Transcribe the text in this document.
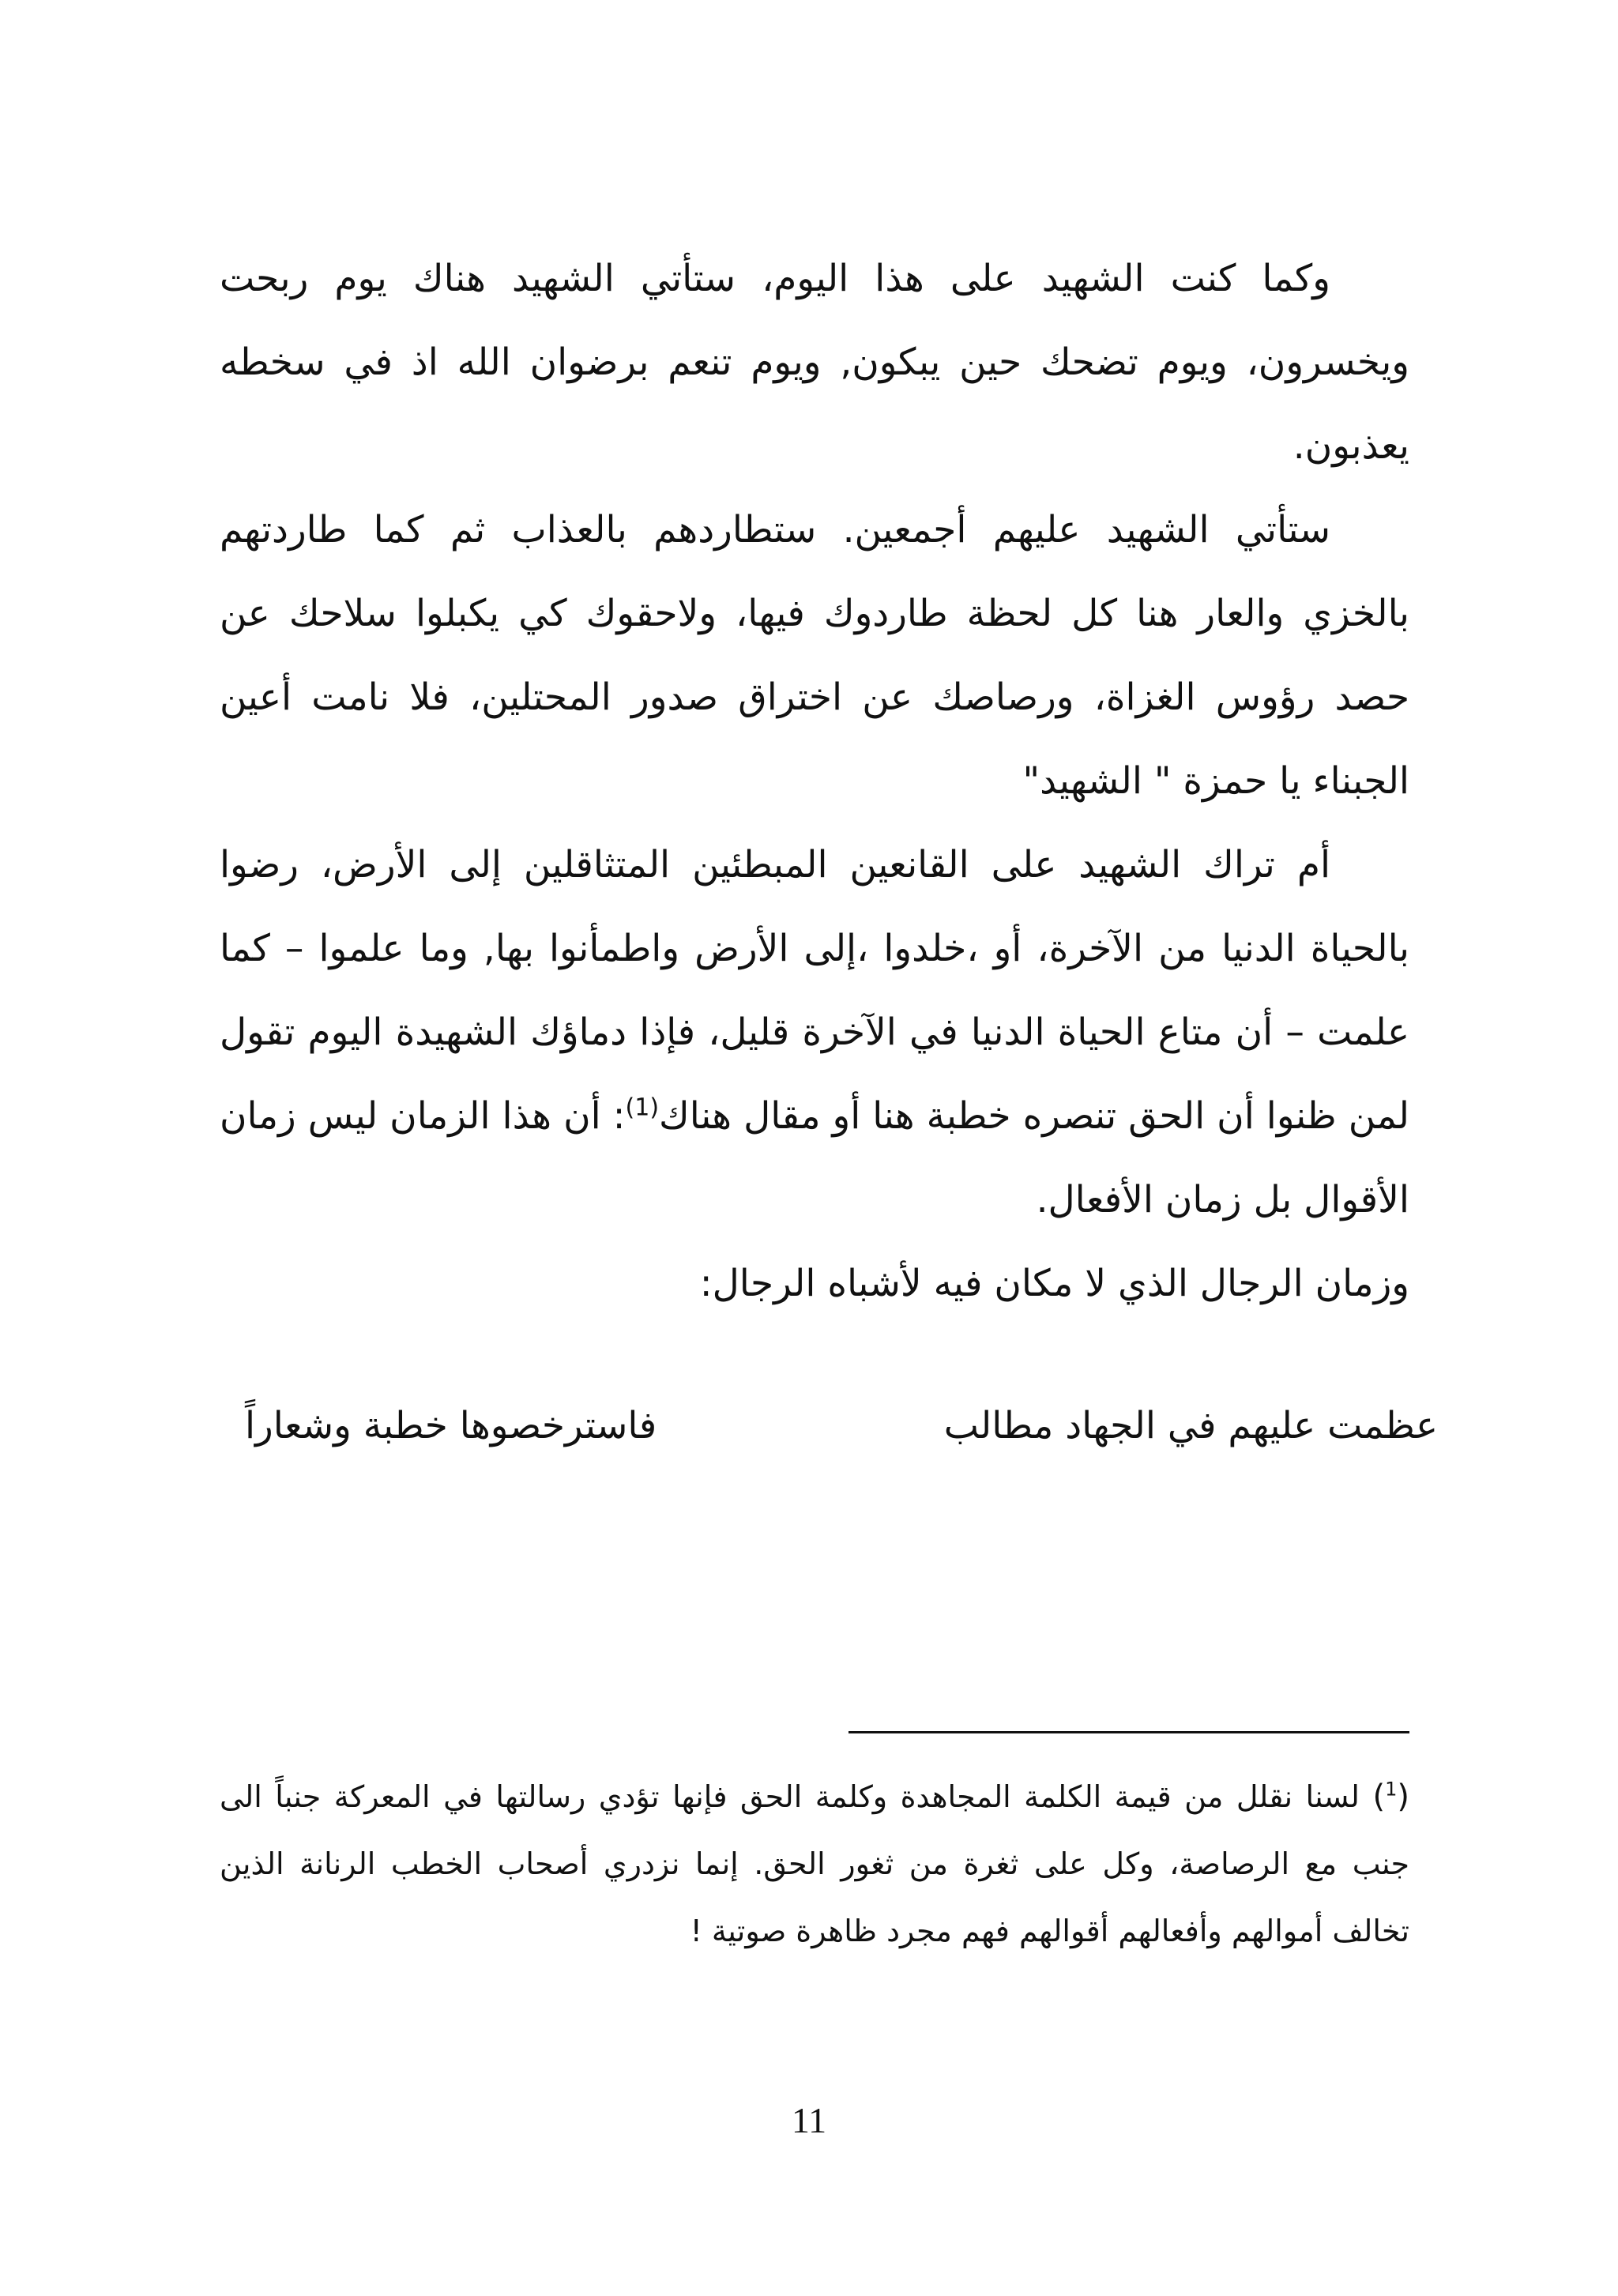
وكما كنت الشهيد على هذا اليوم، ستأتي الشهيد هناك يوم ربحت ويخسرون، ويوم تضحك حين يبكون, ويوم تنعم برضوان الله اذ في سخطه يعذبون.

ستأتي الشهيد عليهم أجمعين. ستطاردهم بالعذاب ثم كما طاردتهم بالخزي والعار هنا كل لحظة طاردوك فيها، ولاحقوك كي يكبلوا سلاحك عن حصد رؤوس الغزاة، ورصاصك عن اختراق صدور المحتلين، فلا نامت أعين الجبناء يا حمزة " الشهيد"

أم تراك الشهيد على القانعين المبطئين المتثاقلين إلى الأرض، رضوا بالحياة الدنيا من الآخرة، أو ،خلدوا ،إلى الأرض واطمأنوا بها, وما علموا – كما علمت – أن متاع الحياة الدنيا في الآخرة قليل، فإذا دماؤك الشهيدة اليوم تقول لمن ظنوا أن الحق تنصره خطبة هنا أو مقال هناك$^{(1)}$: أن هذا الزمان ليس زمان الأقوال بل زمان الأفعال.

وزمان الرجال الذي لا مكان فيه لأشباه الرجال:

عظمت عليهم في الجهاد مطالب
فاسترخصوها خطبة وشعاراً
($^1$) لسنا نقلل من قيمة الكلمة المجاهدة وكلمة الحق فإنها تؤدي رسالتها في المعركة جنباً الى جنب مع الرصاصة، وكل على ثغرة من ثغور الحق. إنما نزدري أصحاب الخطب الرنانة الذين تخالف أموالهم وأفعالهم أقوالهم فهم مجرد ظاهرة صوتية !
11
